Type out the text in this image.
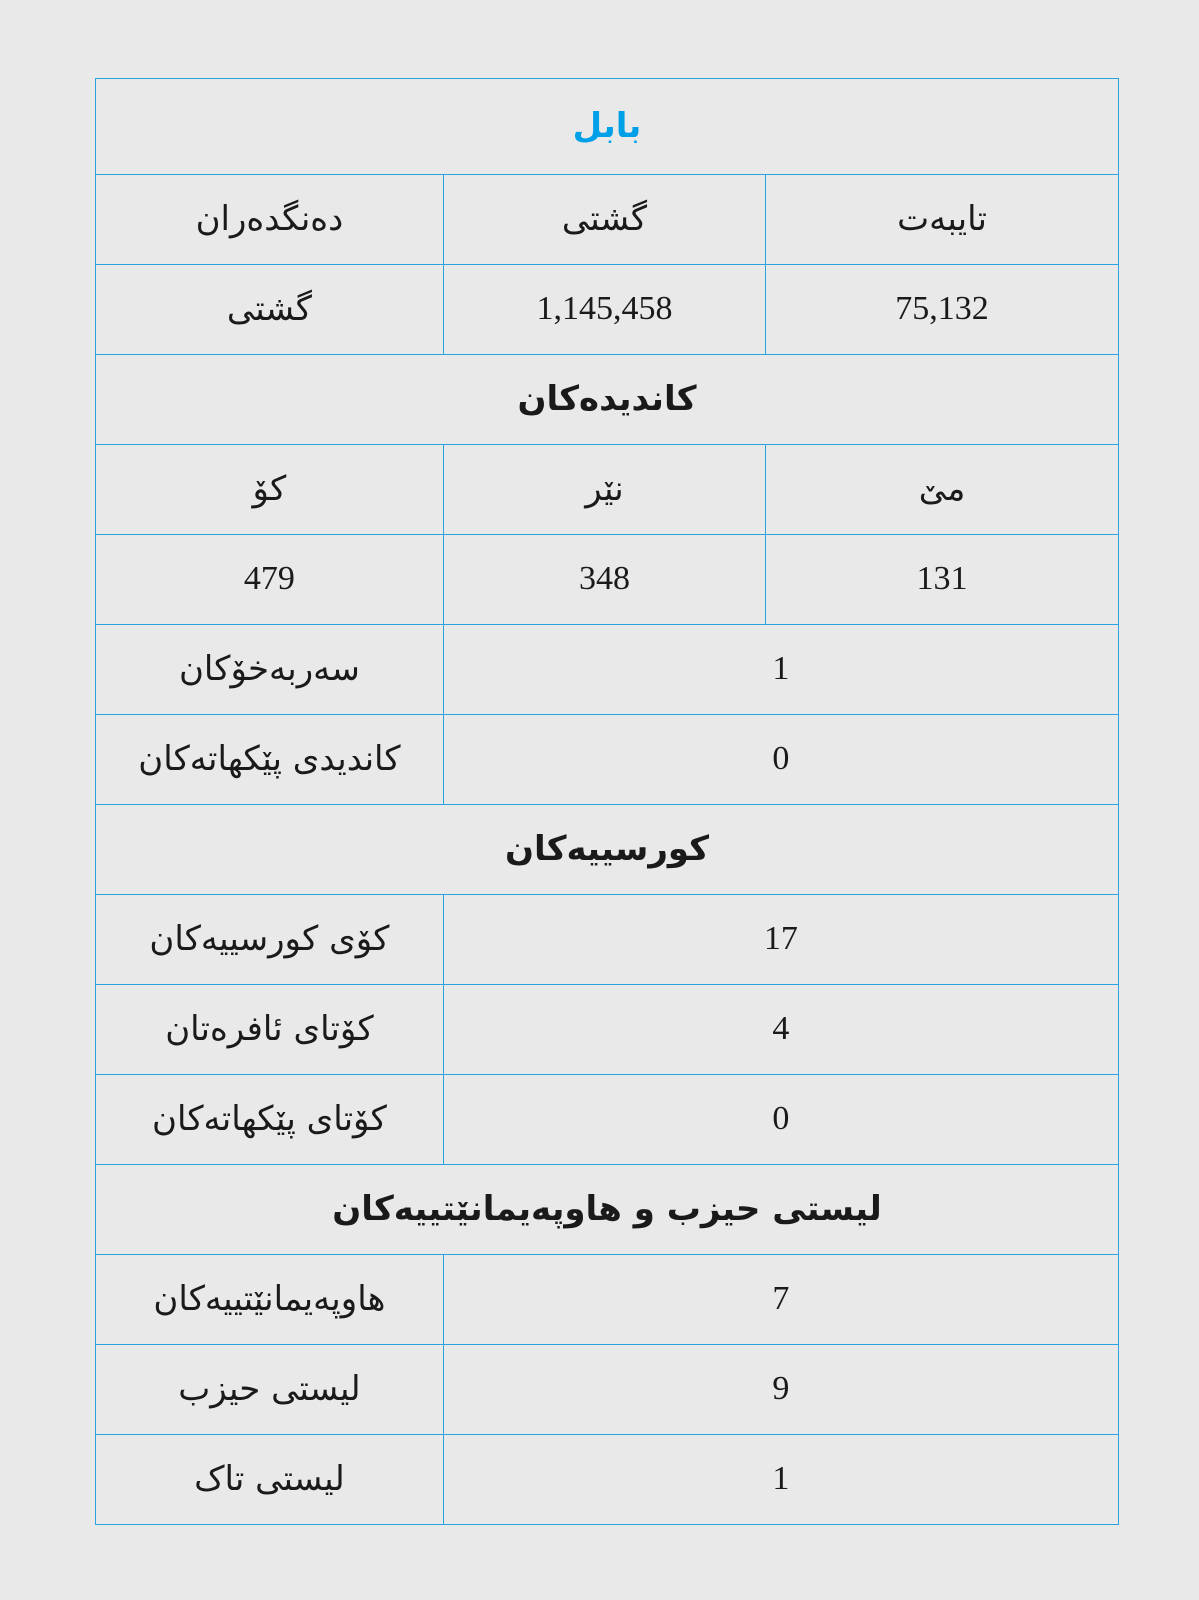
بابل		
تایبەت	گشتی	دەنگدەران
75,132	1,145,458	گشتی
کاندیدەکان		
مێ	نێر	کۆ
131	348	479
1		سەربەخۆکان
0		کاندیدی پێکهاتەکان
کورسییەکان		
17		کۆی کورسییەکان
4		کۆتای ئافرەتان
0		کۆتای پێکهاتەکان
لیستی حیزب و هاوپەیمانێتییەکان		
7		هاوپەیمانێتییەکان
9		لیستی حیزب
1		لیستی تاک
